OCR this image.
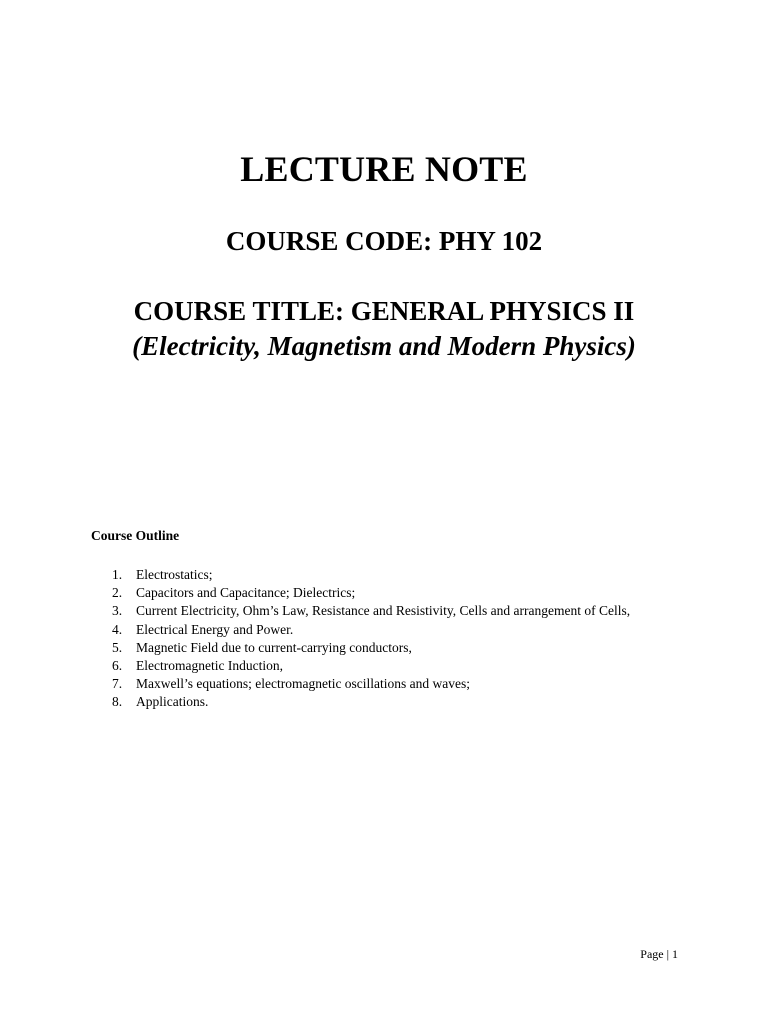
LECTURE NOTE
COURSE CODE: PHY 102
COURSE TITLE: GENERAL PHYSICS II
(Electricity, Magnetism and Modern Physics)
Course Outline
1.	Electrostatics;
2.	Capacitors and Capacitance; Dielectrics;
3.	Current Electricity, Ohm’s Law, Resistance and Resistivity, Cells and arrangement of Cells,
4.	Electrical Energy and Power.
5.	Magnetic Field due to current-carrying conductors,
6.	Electromagnetic Induction,
7.	Maxwell’s equations; electromagnetic oscillations and waves;
8.	Applications.
Page | 1
